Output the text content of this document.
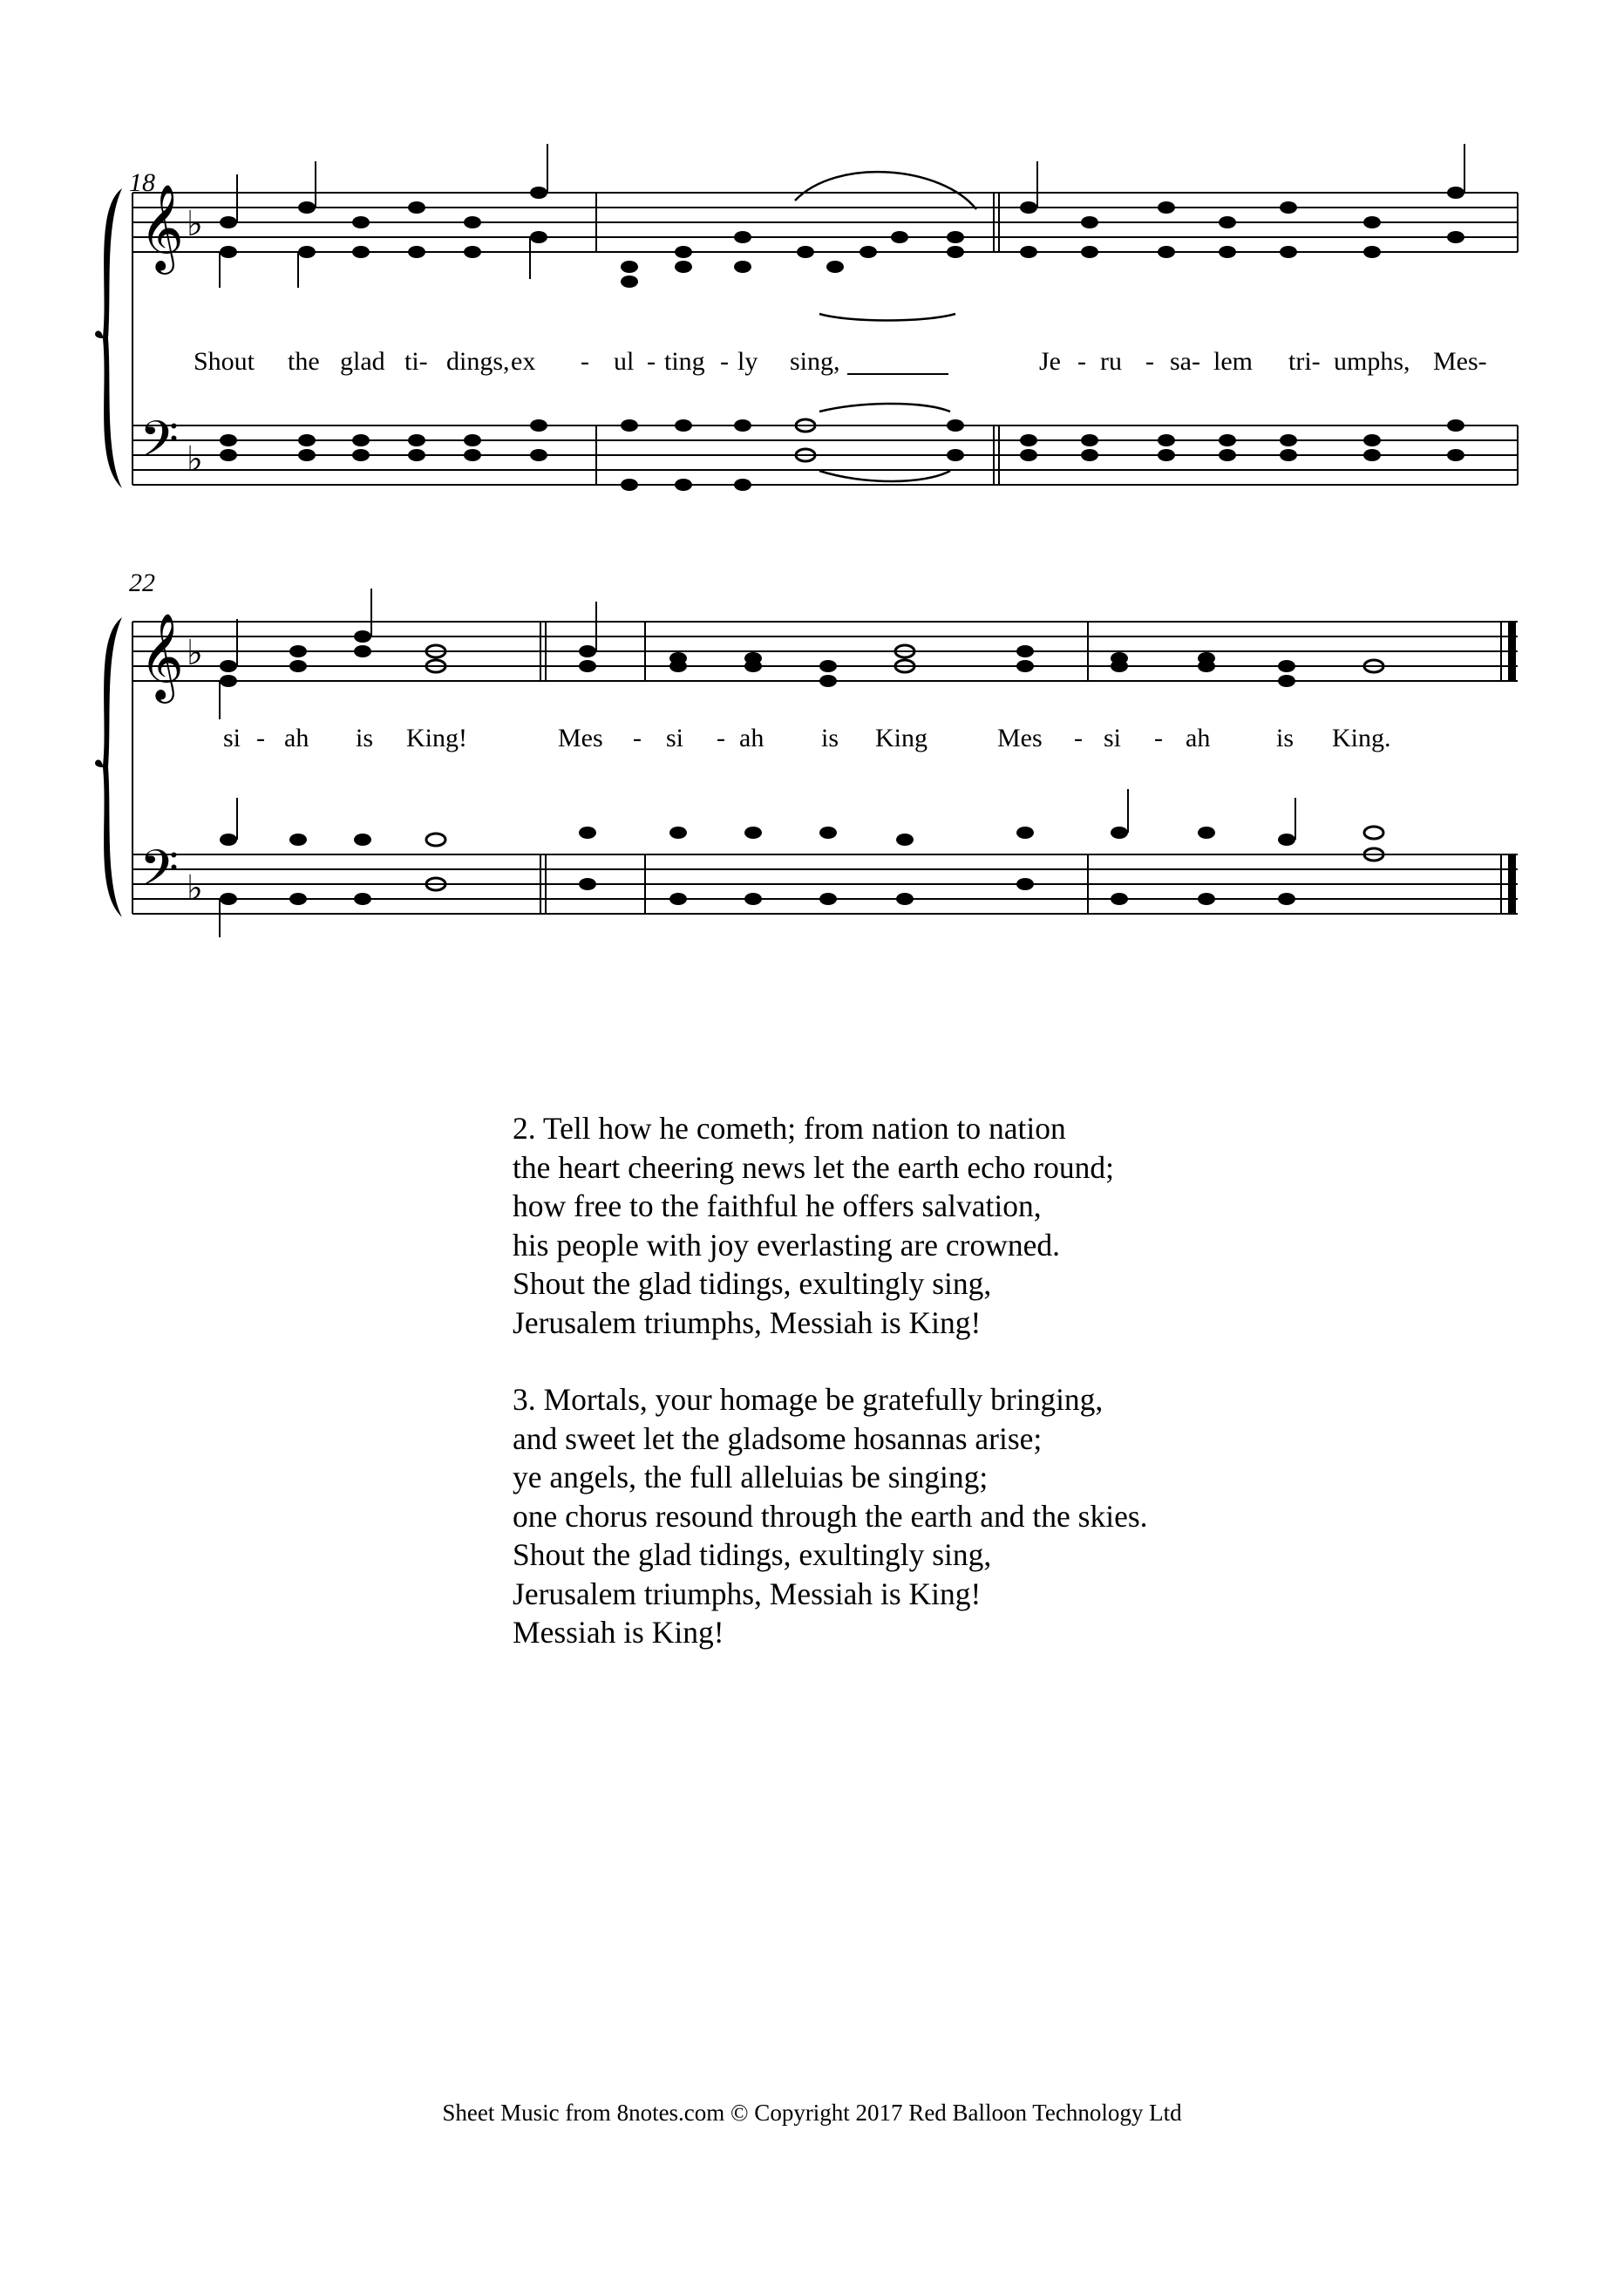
𝄞
𝄢
𝄞
𝄢
♭
♭
♭
♭
18
22
Shout the glad ti- dings, ex - ul - ting - ly sing,	Je - ru - sa- lem tri- umphs, Mes-
si - ah is King!	Mes - si - ah is King	Mes - si - ah	is King.
2. Tell how he cometh; from nation to nation
the heart cheering news let the earth echo round;
how free to the faithful he offers salvation,
his people with joy everlasting are crowned.
Shout the glad tidings, exultingly sing,
Jerusalem triumphs, Messiah is King!
3. Mortals, your homage be gratefully bringing,
and sweet let the gladsome hosannas arise;
ye angels, the full alleluias be singing;
one chorus resound through the earth and the skies.
Shout the glad tidings, exultingly sing,
Jerusalem triumphs, Messiah is King!
Messiah is King!
Sheet Music from 8notes.com © Copyright 2017 Red Balloon Technology Ltd
